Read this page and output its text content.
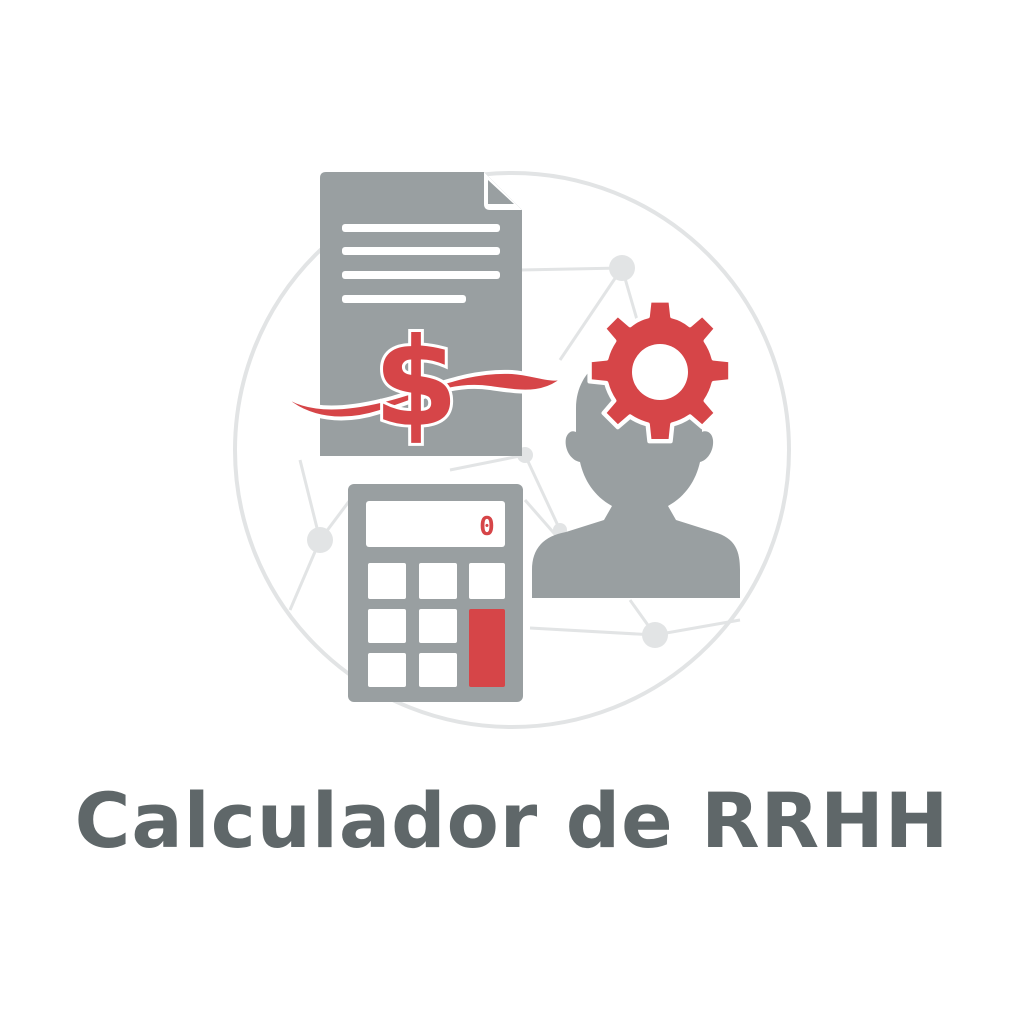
$
0
Calculador de RRHH
